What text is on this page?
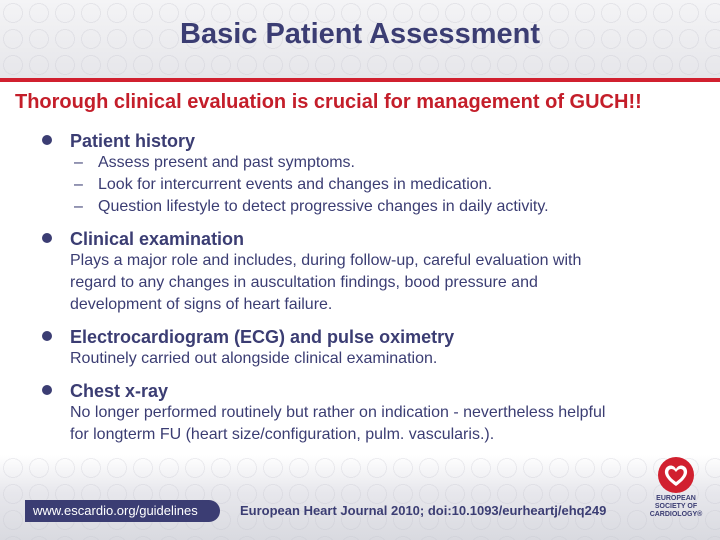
Basic Patient Assessment
Thorough clinical evaluation is crucial for management of GUCH!!
Patient history
– Assess present and past symptoms.
– Look for intercurrent events and changes in medication.
– Question lifestyle to detect progressive changes in daily activity.
Clinical examination
Plays a major role and includes, during follow-up, careful evaluation with
regard to any changes in auscultation findings, bood pressure and
development of signs of heart failure.
Electrocardiogram (ECG) and pulse oximetry
Routinely carried out alongside clinical examination.
Chest x-ray
No longer performed routinely but rather on indication - nevertheless helpful
for longterm FU (heart size/configuration, pulm. vascularis.).
www.escardio.org/guidelines	European Heart Journal 2010; doi:10.1093/eurheartj/ehq249
EUROPEAN
SOCIETY OF
CARDIOLOGY®
